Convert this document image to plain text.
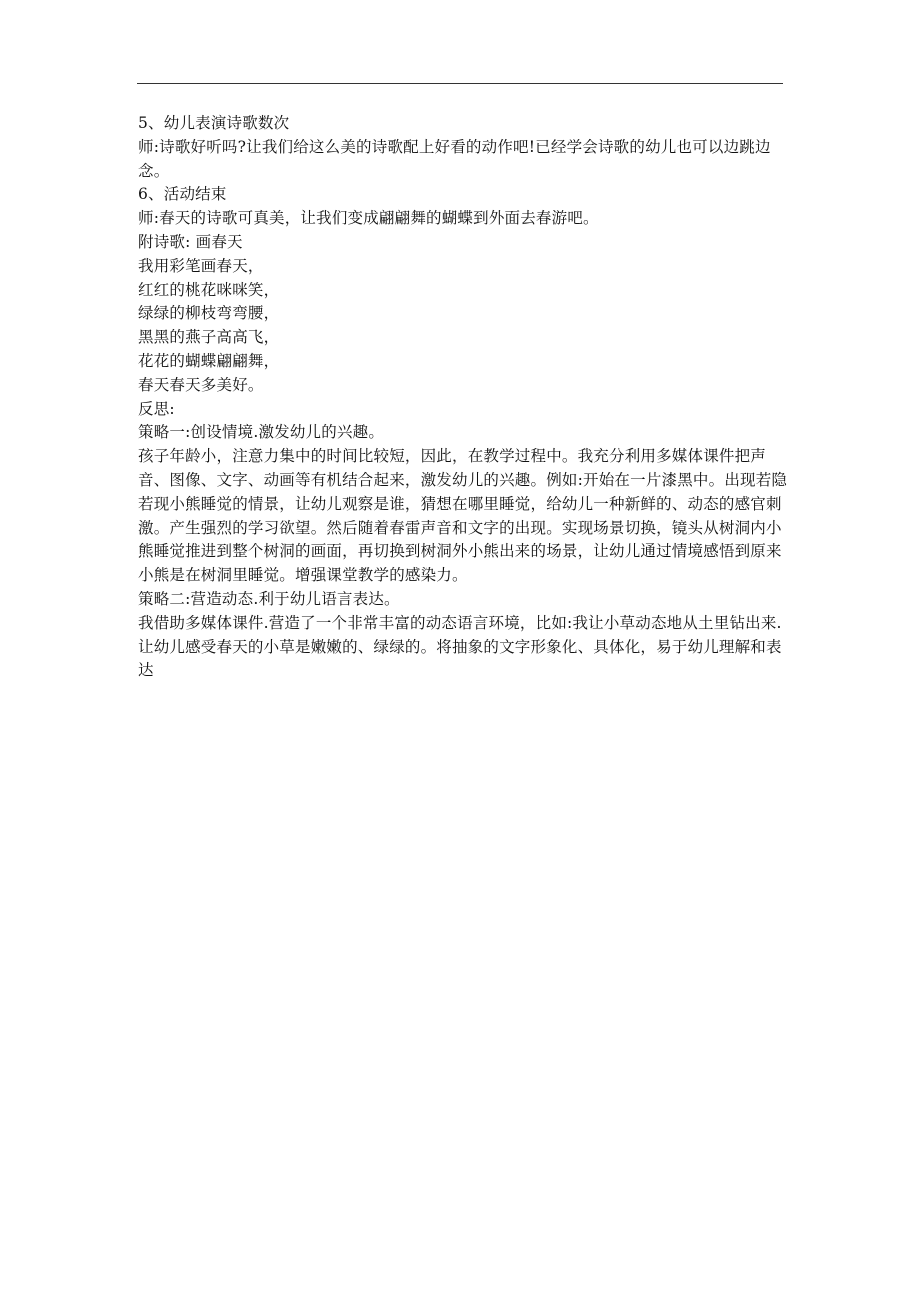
5、幼儿表演诗歌数次
师:诗歌好听吗?让我们给这么美的诗歌配上好看的动作吧!已经学会诗歌的幼儿也可以边跳边念。
6、活动结束
师:春天的诗歌可真美，让我们变成翩翩舞的蝴蝶到外面去春游吧。
附诗歌: 画春天
我用彩笔画春天，
红红的桃花咪咪笑，
绿绿的柳枝弯弯腰，
黑黑的燕子高高飞，
花花的蝴蝶翩翩舞，
春天春天多美好。
反思:
策略一:创设情境.激发幼儿的兴趣。
孩子年龄小，注意力集中的时间比较短，因此，在教学过程中。我充分利用多媒体课件把声音、图像、文字、动画等有机结合起来，激发幼儿的兴趣。例如:开始在一片漆黑中。出现若隐若现小熊睡觉的情景，让幼儿观察是谁，猜想在哪里睡觉，给幼儿一种新鲜的、动态的感官刺激。产生强烈的学习欲望。然后随着春雷声音和文字的出现。实现场景切换，镜头从树洞内小熊睡觉推进到整个树洞的画面，再切换到树洞外小熊出来的场景，让幼儿通过情境感悟到原来小熊是在树洞里睡觉。增强课堂教学的感染力。
策略二:营造动态.利于幼儿语言表达。
我借助多媒体课件.营造了一个非常丰富的动态语言环境，比如:我让小草动态地从土里钻出来.让幼儿感受春天的小草是嫩嫩的、绿绿的。将抽象的文字形象化、具体化，易于幼儿理解和表达
